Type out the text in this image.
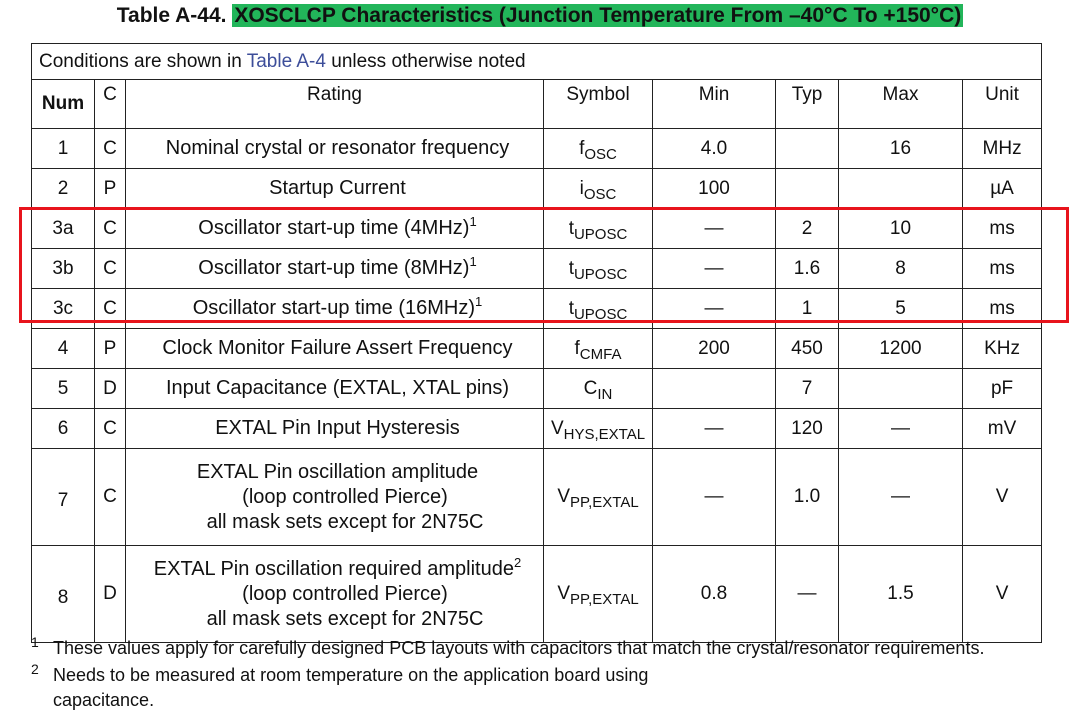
Table A-44. XOSCLCP Characteristics (Junction Temperature From –40°C To +150°C)
Conditions are shown in Table A-4 unless otherwise noted							
Num	C	Rating	Symbol	Min	Typ	Max	Unit
1	C	Nominal crystal or resonator frequency	$f_{OSC}$	4.0		16	MHz
2	P	Startup Current	$i_{OSC}$	100			µA
3a	C	Oscillator start-up time $(4MHz)^1$	$t_{UPOSC}$	—	2	10	ms
3b	C	Oscillator start-up time $(8MHz)^1$	$t_{UPOSC}$	—	1.6	8	ms
3c	C	Oscillator start-up time $(16MHz)^1$	$t_{UPOSC}$	—	1	5	ms
4	P	Clock Monitor Failure Assert Frequency	$f_{CMFA}$	200	450	1200	KHz
5	D	Input Capacitance (EXTAL, XTAL pins)	$C_{IN}$		7		pF
6	C	EXTAL Pin Input Hysteresis	$V_{HYS,EXTAL}$	—	120	—	mV
7	C	EXTAL Pin oscillation amplitude
(loop controlled Pierce)
all mask sets except for 2N75C	$V_{PP,EXTAL}$	—	1.0	—	V
8	D	EXTAL Pin oscillation required amplitude$^2$
(loop controlled Pierce)
all mask sets except for 2N75C	$V_{PP,EXTAL}$	0.8	—	1.5	V
1 These values apply for carefully designed PCB layouts with capacitors that match the crystal/resonator requirements.
2 Needs to be measured at room temperature on the application board using
capacitance.
